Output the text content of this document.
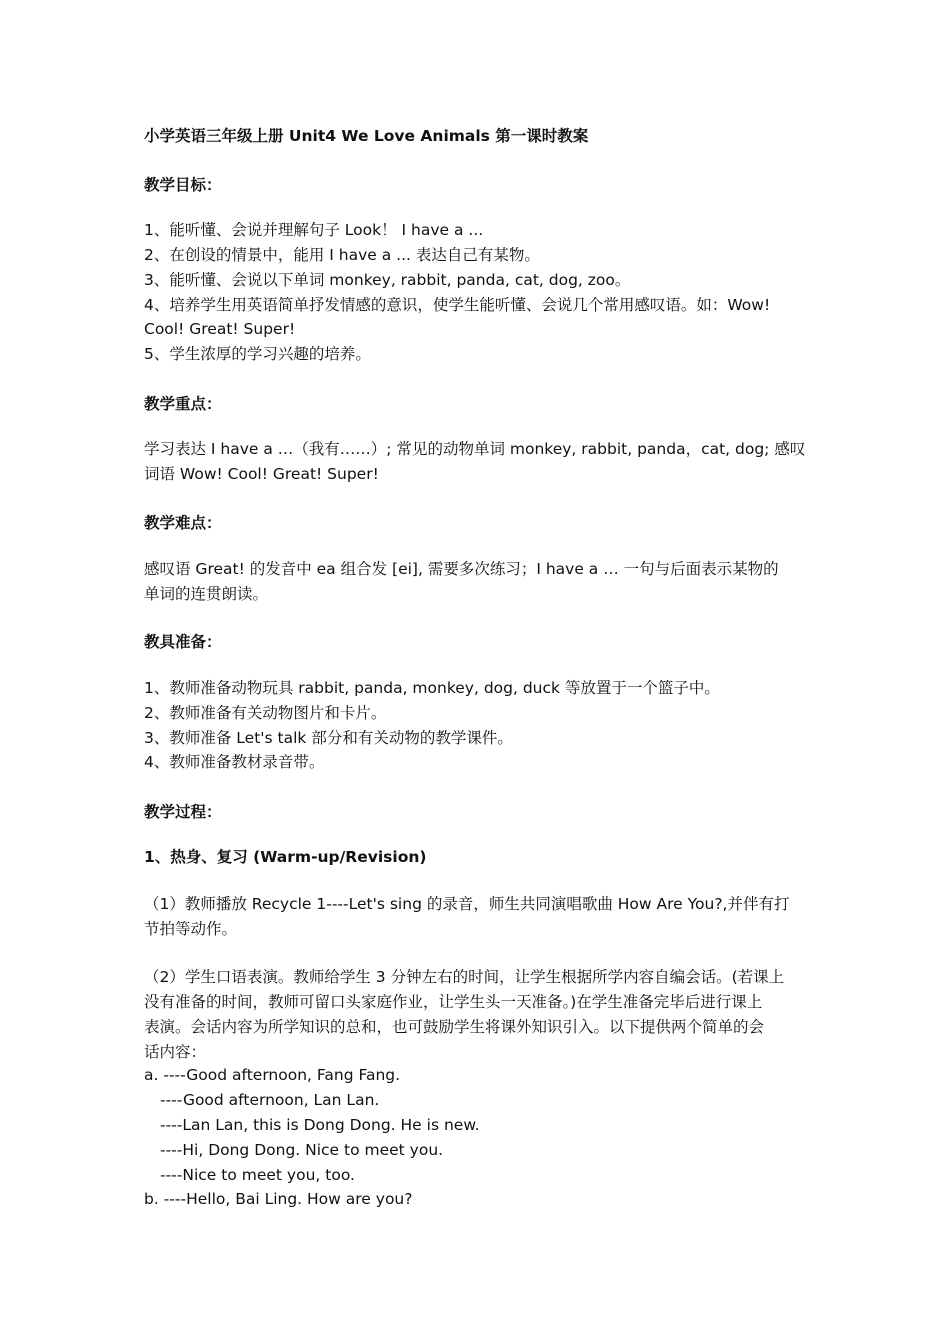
小学英语三年级上册 Unit4 We Love Animals 第一课时教案
教学目标：
1、能听懂、会说并理解句子 Look！ I have a ...
2、在创设的情景中，能用 I have a ... 表达自己有某物。
3、能听懂、会说以下单词 monkey, rabbit, panda, cat, dog, zoo。
4、培养学生用英语简单抒发情感的意识，使学生能听懂、会说几个常用感叹语。如：Wow!
Cool! Great! Super!
5、学生浓厚的学习兴趣的培养。
教学重点：
学习表达 I have a …（我有……）; 常见的动物单词 monkey, rabbit, panda，cat, dog; 感叹
词语 Wow! Cool! Great! Super!
教学难点：
感叹语 Great! 的发音中 ea 组合发 [ei], 需要多次练习；I have a … 一句与后面表示某物的
单词的连贯朗读。
教具准备：
1、教师准备动物玩具 rabbit, panda, monkey, dog, duck 等放置于一个篮子中。
2、教师准备有关动物图片和卡片。
3、教师准备 Let's talk 部分和有关动物的教学课件。
4、教师准备教材录音带。
教学过程：
1、热身、复习 (Warm-up/Revision)
（1）教师播放 Recycle 1----Let's sing 的录音，师生共同演唱歌曲 How Are You?,并伴有打
节拍等动作。
（2）学生口语表演。教师给学生 3 分钟左右的时间，让学生根据所学内容自编会话。(若课上
没有准备的时间，教师可留口头家庭作业，让学生头一天准备。)在学生准备完毕后进行课上
表演。会话内容为所学知识的总和，也可鼓励学生将课外知识引入。以下提供两个简单的会
话内容：
a. ----Good afternoon, Fang Fang.
----Good afternoon, Lan Lan.
----Lan Lan, this is Dong Dong. He is new.
----Hi, Dong Dong. Nice to meet you.
----Nice to meet you, too.
b. ----Hello, Bai Ling. How are you?
